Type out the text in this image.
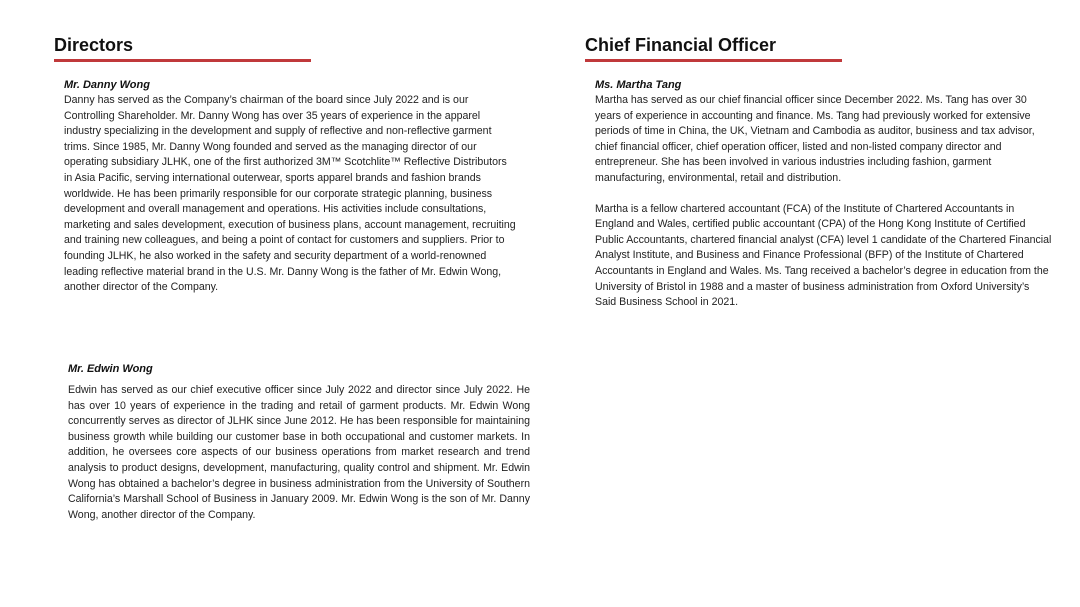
Directors

Mr. Danny Wong

Danny has served as the Company’s chairman of the board since July 2022 and is our Controlling Shareholder. Mr. Danny Wong has over 35 years of experience in the apparel industry specializing in the development and supply of reflective and non-reflective garment trims. Since 1985, Mr. Danny Wong founded and served as the managing director of our operating subsidiary JLHK, one of the first authorized 3M™ Scotchlite™ Reflective Distributors in Asia Pacific, serving international outerwear, sports apparel brands and fashion brands worldwide. He has been primarily responsible for our corporate strategic planning, business development and overall management and operations. His activities include consultations, marketing and sales development, execution of business plans, account management, recruiting and training new colleagues, and being a point of contact for customers and suppliers. Prior to founding JLHK, he also worked in the safety and security department of a world-renowned leading reflective material brand in the U.S. Mr. Danny Wong is the father of Mr. Edwin Wong, another director of the Company.

Mr. Edwin Wong

Edwin has served as our chief executive officer since July 2022 and director since July 2022. He has over 10 years of experience in the trading and retail of garment products. Mr. Edwin Wong concurrently serves as director of JLHK since June 2012. He has been responsible for maintaining business growth while building our customer base in both occupational and customer markets. In addition, he oversees core aspects of our business operations from market research and trend analysis to product designs, development, manufacturing, quality control and shipment. Mr. Edwin Wong has obtained a bachelor’s degree in business administration from the University of Southern California’s Marshall School of Business in January 2009. Mr. Edwin Wong is the son of Mr. Danny Wong, another director of the Company.

Chief Financial Officer

Ms. Martha Tang

Martha has served as our chief financial officer since December 2022. Ms. Tang has over 30 years of experience in accounting and finance. Ms. Tang had previously worked for extensive periods of time in China, the UK, Vietnam and Cambodia as auditor, business and tax advisor, chief financial officer, chief operation officer, listed and non-listed company director and entrepreneur. She has been involved in various industries including fashion, garment manufacturing, environmental, retail and distribution.

Martha is a fellow chartered accountant (FCA) of the Institute of Chartered Accountants in England and Wales, certified public accountant (CPA) of the Hong Kong Institute of Certified Public Accountants, chartered financial analyst (CFA) level 1 candidate of the Chartered Financial Analyst Institute, and Business and Finance Professional (BFP) of the Institute of Chartered Accountants in England and Wales. Ms. Tang received a bachelor’s degree in education from the University of Bristol in 1988 and a master of business administration from Oxford University’s Said Business School in 2021.
